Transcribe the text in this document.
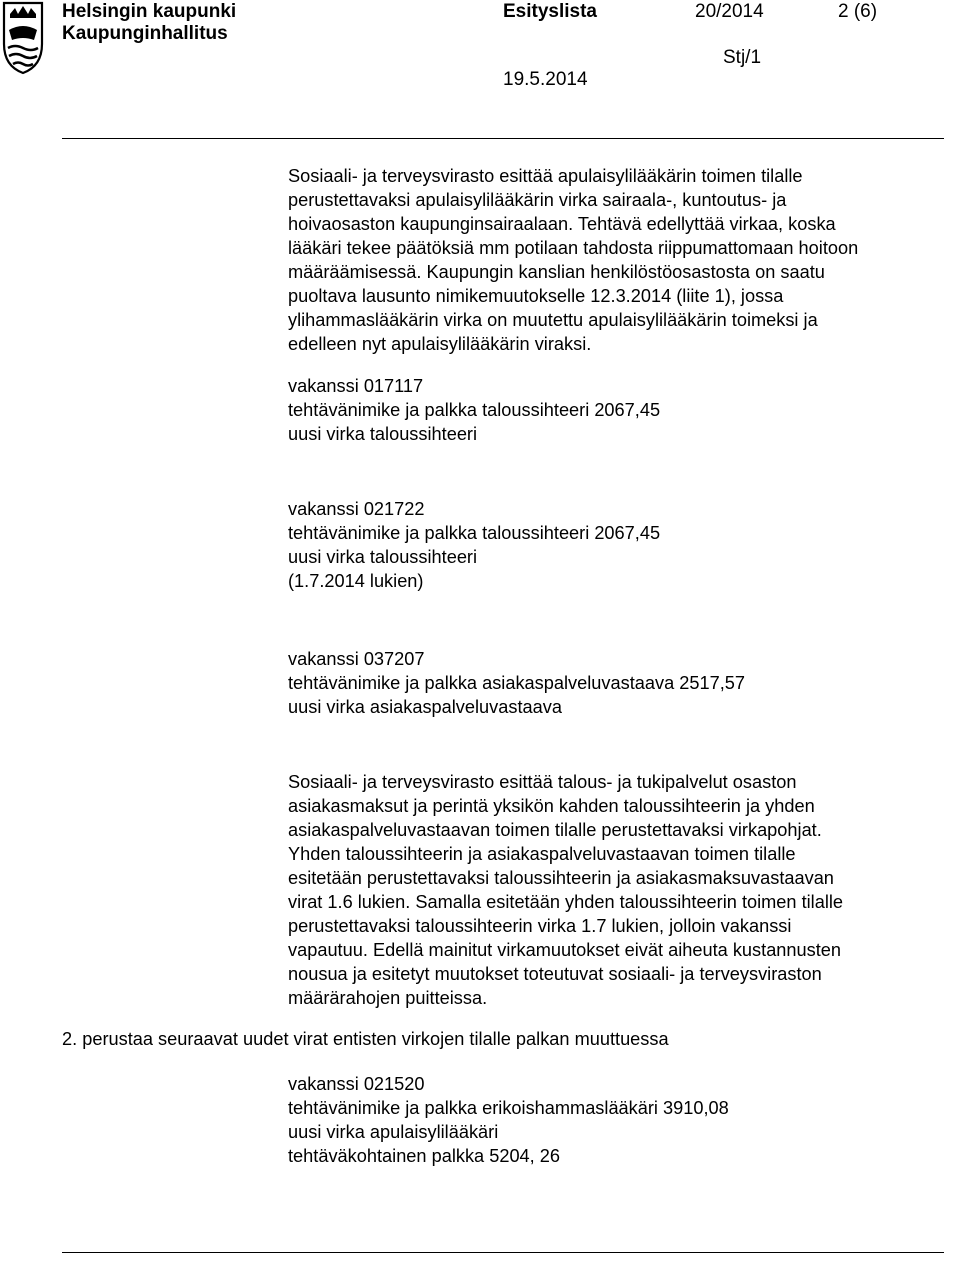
Helsingin kaupunki
Kaupunginhallitus
Esityslista	20/2014	2 (6)
Stj/1
19.5.2014
Sosiaali- ja terveysvirasto esittää apulaisylilääkärin toimen tilalle
perustettavaksi apulaisylilääkärin virka sairaala-, kuntoutus- ja
hoivaosaston kaupunginsairaalaan. Tehtävä edellyttää virkaa, koska
lääkäri tekee päätöksiä mm potilaan tahdosta riippumattomaan hoitoon
määräämisessä. Kaupungin kanslian henkilöstöosastosta on saatu
puoltava lausunto nimikemuutokselle 12.3.2014 (liite 1), jossa
ylihammaslääkärin virka on muutettu apulaisylilääkärin toimeksi ja
edelleen nyt apulaisylilääkärin viraksi.
vakanssi 017117
tehtävänimike ja palkka taloussihteeri 2067,45
uusi virka taloussihteeri
vakanssi 021722
tehtävänimike ja palkka taloussihteeri 2067,45
uusi virka taloussihteeri
(1.7.2014 lukien)
vakanssi 037207
tehtävänimike ja palkka asiakaspalveluvastaava 2517,57
uusi virka asiakaspalveluvastaava
Sosiaali- ja terveysvirasto esittää talous- ja tukipalvelut osaston
asiakasmaksut ja perintä yksikön kahden taloussihteerin ja yhden
asiakaspalveluvastaavan toimen tilalle perustettavaksi virkapohjat.
Yhden taloussihteerin ja asiakaspalveluvastaavan toimen tilalle
esitetään perustettavaksi taloussihteerin ja asiakasmaksuvastaavan
virat 1.6 lukien. Samalla esitetään yhden taloussihteerin toimen tilalle
perustettavaksi taloussihteerin virka 1.7 lukien, jolloin vakanssi
vapautuu. Edellä mainitut virkamuutokset eivät aiheuta kustannusten
nousua ja esitetyt muutokset toteutuvat sosiaali- ja terveysviraston
määrärahojen puitteissa.
2. perustaa seuraavat uudet virat entisten virkojen tilalle palkan muuttuessa
vakanssi 021520
tehtävänimike ja palkka erikoishammaslääkäri 3910,08
uusi virka apulaisylilääkäri
tehtäväkohtainen palkka 5204, 26
